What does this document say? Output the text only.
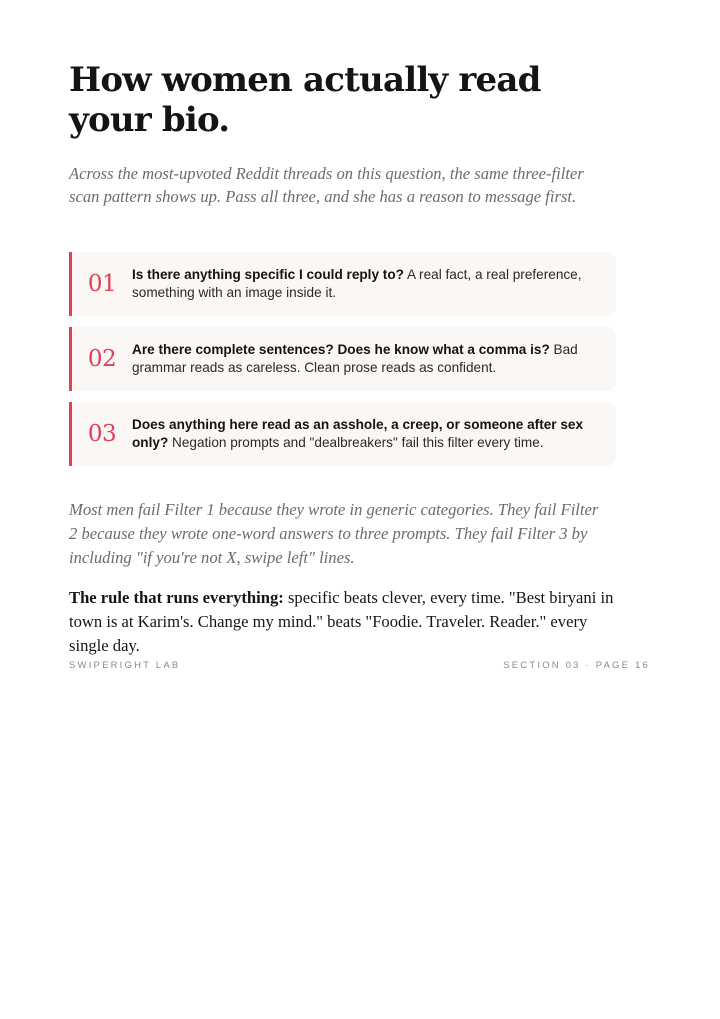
How women actually read your bio.

Across the most-upvoted Reddit threads on this question, the same three-filter scan pattern shows up. Pass all three, and she has a reason to message first.

01	Is there anything specific I could reply to? A real fact, a real preference, something with an image inside it.
02	Are there complete sentences? Does he know what a comma is? Bad grammar reads as careless. Clean prose reads as confident.
03	Does anything here read as an asshole, a creep, or someone after sex only? Negation prompts and "dealbreakers" fail this filter every time.

Most men fail Filter 1 because they wrote in generic categories. They fail Filter 2 because they wrote one-word answers to three prompts. They fail Filter 3 by including "if you're not X, swipe left" lines.

The rule that runs everything: specific beats clever, every time. "Best biryani in town is at Karim's. Change my mind." beats "Foodie. Traveler. Reader." every single day.

SWIPERIGHT LAB	SECTION 03 · PAGE 16
